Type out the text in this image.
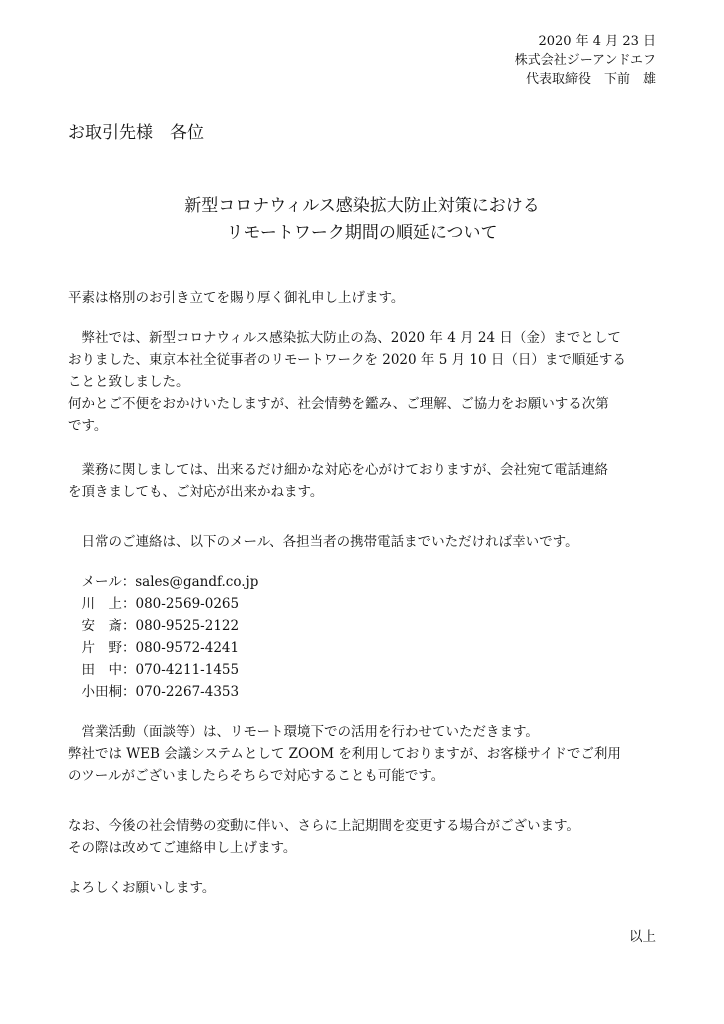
2020 年 4 月 23 日
株式会社ジーアンドエフ
代表取締役　下前　雄
お取引先様　各位
新型コロナウィルス感染拡大防止対策における
リモートワーク期間の順延について
平素は格別のお引き立てを賜り厚く御礼申し上げます。
弊社では、新型コロナウィルス感染拡大防止の為、2020 年 4 月 24 日（金）までとして
おりました、東京本社全従事者のリモートワークを 2020 年 5 月 10 日（日）まで順延する
ことと致しました。
何かとご不便をおかけいたしますが、社会情勢を鑑み、ご理解、ご協力をお願いする次第
です。
業務に関しましては、出来るだけ細かな対応を心がけておりますが、会社宛て電話連絡
を頂きましても、ご対応が出来かねます。
日常のご連絡は、以下のメール、各担当者の携帯電話までいただければ幸いです。
メール：sales@gandf.co.jp
川　上：080-2569-0265
安　斎：080-9525-2122
片　野：080-9572-4241
田　中：070-4211-1455
小田桐：070-2267-4353
営業活動（面談等）は、リモート環境下での活用を行わせていただきます。
弊社では WEB 会議システムとして ZOOM を利用しておりますが、お客様サイドでご利用
のツールがございましたらそちらで対応することも可能です。
なお、今後の社会情勢の変動に伴い、さらに上記期間を変更する場合がございます。
その際は改めてご連絡申し上げます。
よろしくお願いします。
以上
